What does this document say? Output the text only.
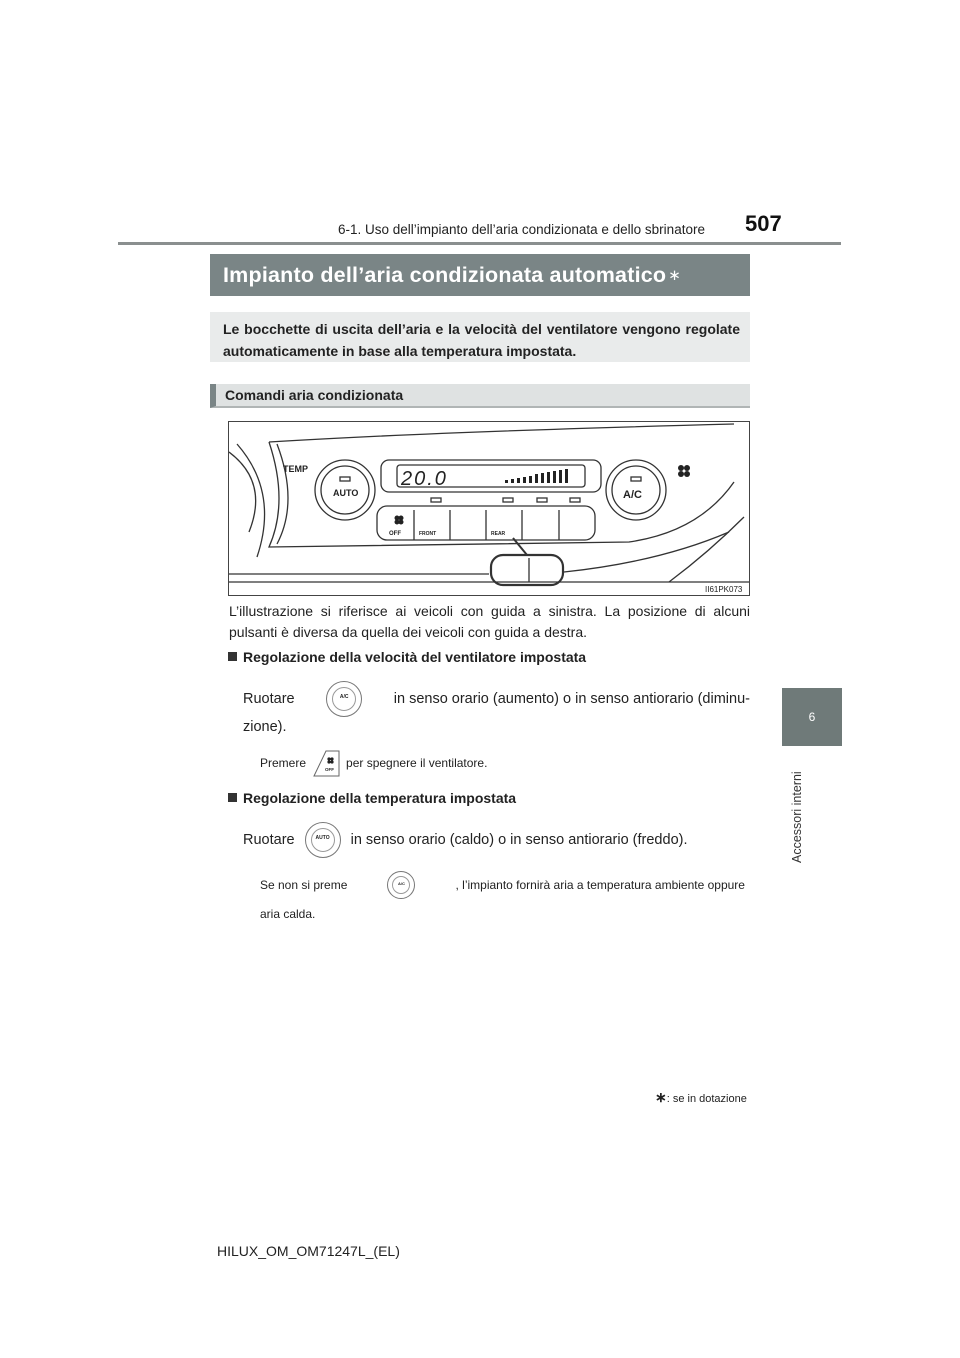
6-1. Uso dell’impianto dell’aria condizionata e dello sbrinatore 507
6
Accessori interni
Impianto dell’aria condizionata automatico ∗
Le bocchette di uscita dell’aria e la velocità del ventilatore vengono regolate automaticamente in base alla temperatura impostata.
Comandi aria condizionata
TEMP
AUTO	A/C
20.0
OFF	FRONT	REAR
II61PK073
L’illustrazione si riferisce ai veicoli con guida a sinistra. La posizione di alcuni pulsanti è diversa da quella dei veicoli con guida a destra.
Regolazione della velocità del ventilatore impostata
Ruotare	A/C	in senso orario (aumento) o in senso antiorario (diminu-
zione).
Premere	OFF per spegnere il ventilatore.
Regolazione della temperatura impostata
Ruotare	AUTO	in senso orario (caldo) o in senso antiorario (freddo).
Se non si preme	A/C	, l’impianto fornirà aria a temperatura ambiente oppure
aria calda.
∗: se in dotazione
HILUX_OM_OM71247L_(EL)
